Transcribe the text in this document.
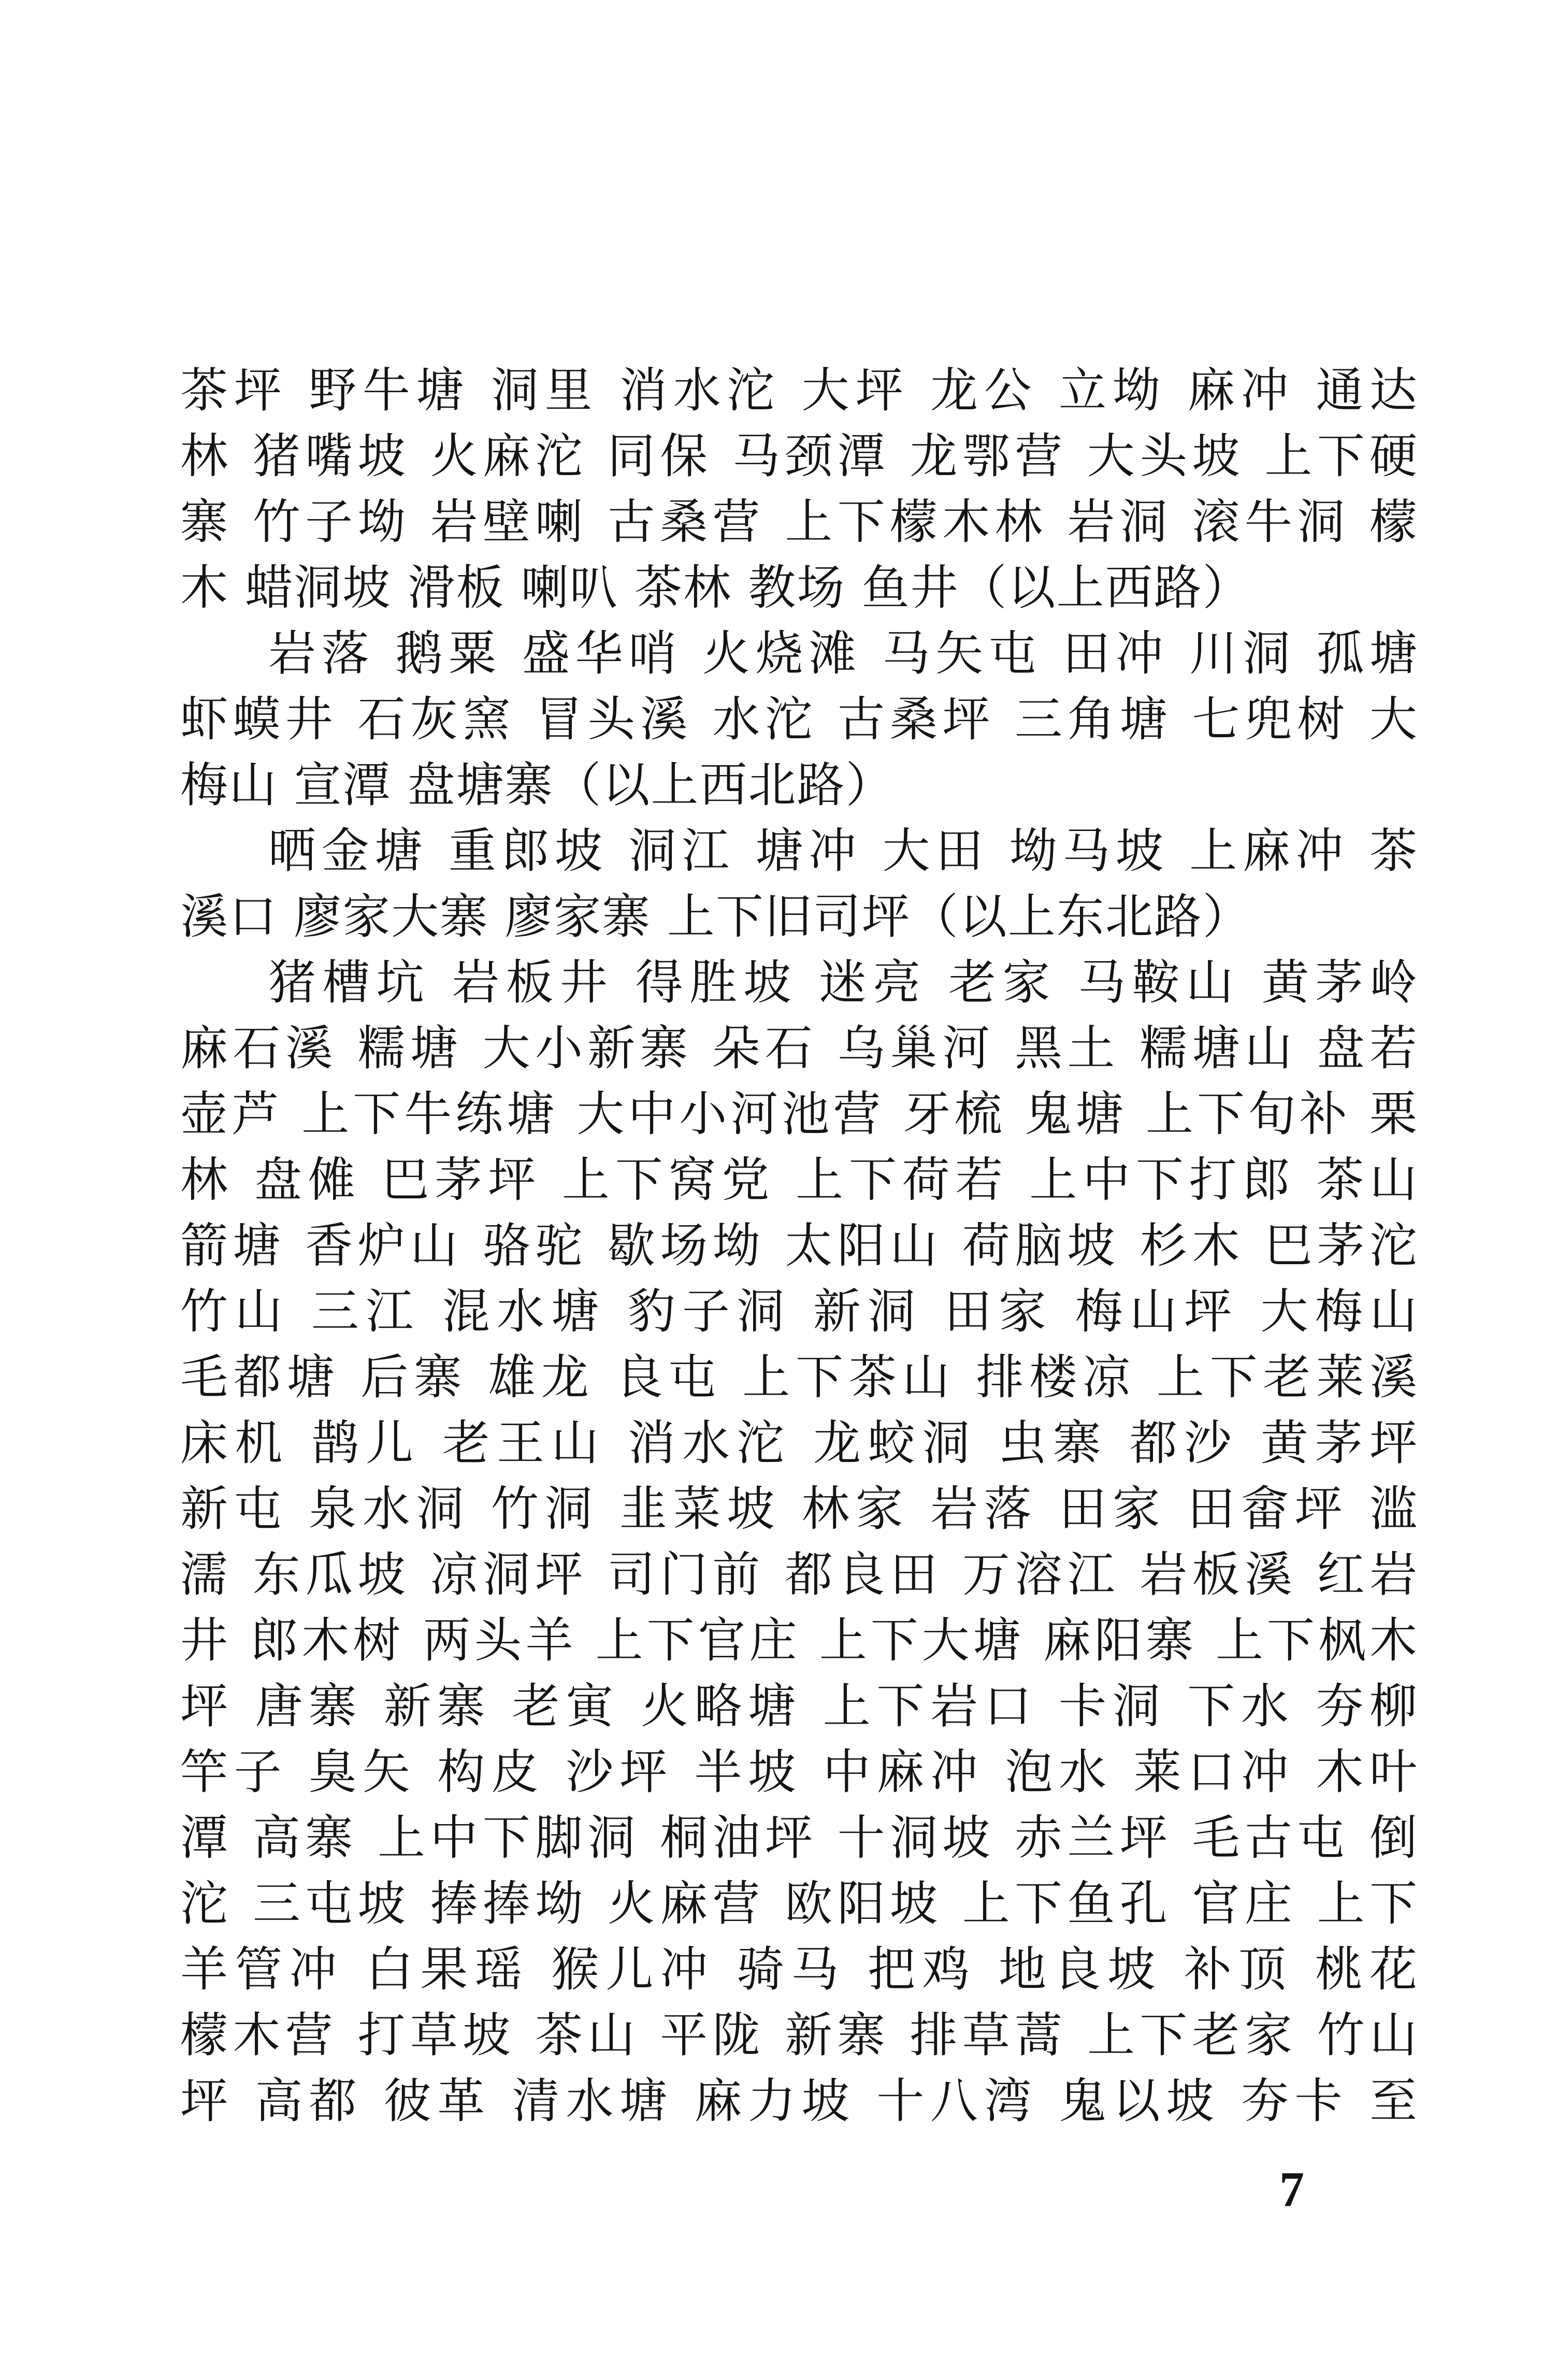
茶坪 野牛塘 洞里 消水沱 大坪 龙公 立坳 麻冲 通达
林 猪嘴坡 火麻沱 同保 马颈潭 龙鄂营 大头坡 上下硬
寨 竹子坳 岩壁喇 古桑营 上下檬木林 岩洞 滚牛洞 檬
木 蜡洞坡 滑板 喇叭 茶林 教场 鱼井（以上西路）
岩落 鹅粟 盛华哨 火烧滩 马矢屯 田冲 川洞 孤塘
虾蟆井 石灰窯 冒头溪 水沱 古桑坪 三角塘 七兜树 大
梅山 宣潭 盘塘寨（以上西北路）
晒金塘 重郎坡 洞江 塘冲 大田 坳马坡 上麻冲 茶
溪口 廖家大寨 廖家寨 上下旧司坪（以上东北路）
猪槽坑 岩板井 得胜坡 迷亮 老家 马鞍山 黄茅岭
麻石溪 糯塘 大小新寨 朵石 乌巢河 黑土 糯塘山 盘若
壶芦 上下牛练塘 大中小河池营 牙梳 鬼塘 上下旬补 栗
林 盘傩 巴茅坪 上下窝党 上下荷若 上中下打郎 茶山
箭塘 香炉山 骆驼 歇场坳 太阳山 荷脑坡 杉木 巴茅沱
竹山 三江 混水塘 豹子洞 新洞 田家 梅山坪 大梅山
毛都塘 后寨 雄龙 良屯 上下茶山 排楼凉 上下老莱溪
床机 鹊儿 老王山 消水沱 龙蛟洞 虫寨 都沙 黄茅坪
新屯 泉水洞 竹洞 韭菜坡 林家 岩落 田家 田畲坪 滥
濡 东瓜坡 凉洞坪 司门前 都良田 万溶江 岩板溪 红岩
井 郎木树 两头羊 上下官庄 上下大塘 麻阳寨 上下枫木
坪 唐寨 新寨 老寅 火略塘 上下岩口 卡洞 下水 夯柳
竿子 臭矢 构皮 沙坪 半坡 中麻冲 泡水 莱口冲 木叶
潭 高寨 上中下脚洞 桐油坪 十洞坡 赤兰坪 毛古屯 倒
沱 三屯坡 捧捧坳 火麻营 欧阳坡 上下鱼孔 官庄 上下
羊管冲 白果瑶 猴儿冲 骑马 把鸡 地良坡 补顶 桃花
檬木营 打草坡 茶山 平陇 新寨 排草蒿 上下老家 竹山
坪 高都 彼革 清水塘 麻力坡 十八湾 鬼以坡 夯卡 至
7
